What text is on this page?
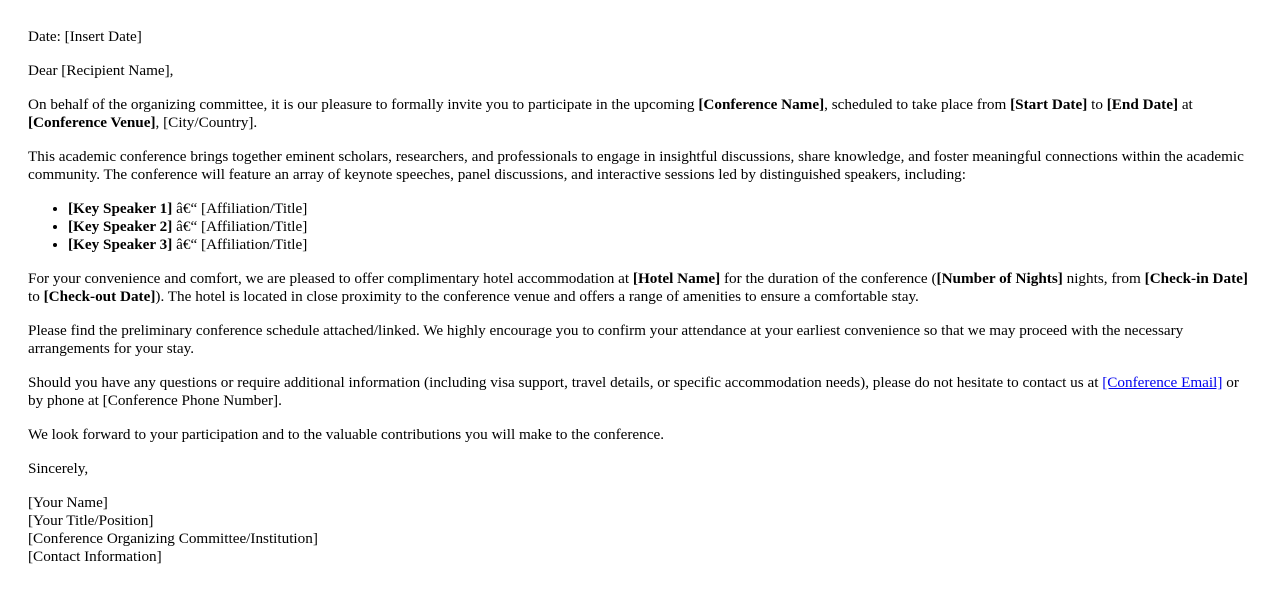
Date: [Insert Date]

Dear [Recipient Name],

On behalf of the organizing committee, it is our pleasure to formally invite you to participate in the upcoming [Conference Name], scheduled to take place from [Start Date] to [End Date] at [Conference Venue], [City/Country].

This academic conference brings together eminent scholars, researchers, and professionals to engage in insightful discussions, share knowledge, and foster meaningful connections within the academic community. The conference will feature an array of keynote speeches, panel discussions, and interactive sessions led by distinguished speakers, including:

• [Key Speaker 1] â€“ [Affiliation/Title]
• [Key Speaker 2] â€“ [Affiliation/Title]
• [Key Speaker 3] â€“ [Affiliation/Title]

For your convenience and comfort, we are pleased to offer complimentary hotel accommodation at [Hotel Name] for the duration of the conference ([Number of Nights] nights, from [Check-in Date] to [Check-out Date]). The hotel is located in close proximity to the conference venue and offers a range of amenities to ensure a comfortable stay.

Please find the preliminary conference schedule attached/linked. We highly encourage you to confirm your attendance at your earliest convenience so that we may proceed with the necessary arrangements for your stay.

Should you have any questions or require additional information (including visa support, travel details, or specific accommodation needs), please do not hesitate to contact us at [Conference Email] or by phone at [Conference Phone Number].

We look forward to your participation and to the valuable contributions you will make to the conference.

Sincerely,

[Your Name]
[Your Title/Position]
[Conference Organizing Committee/Institution]
[Contact Information]
